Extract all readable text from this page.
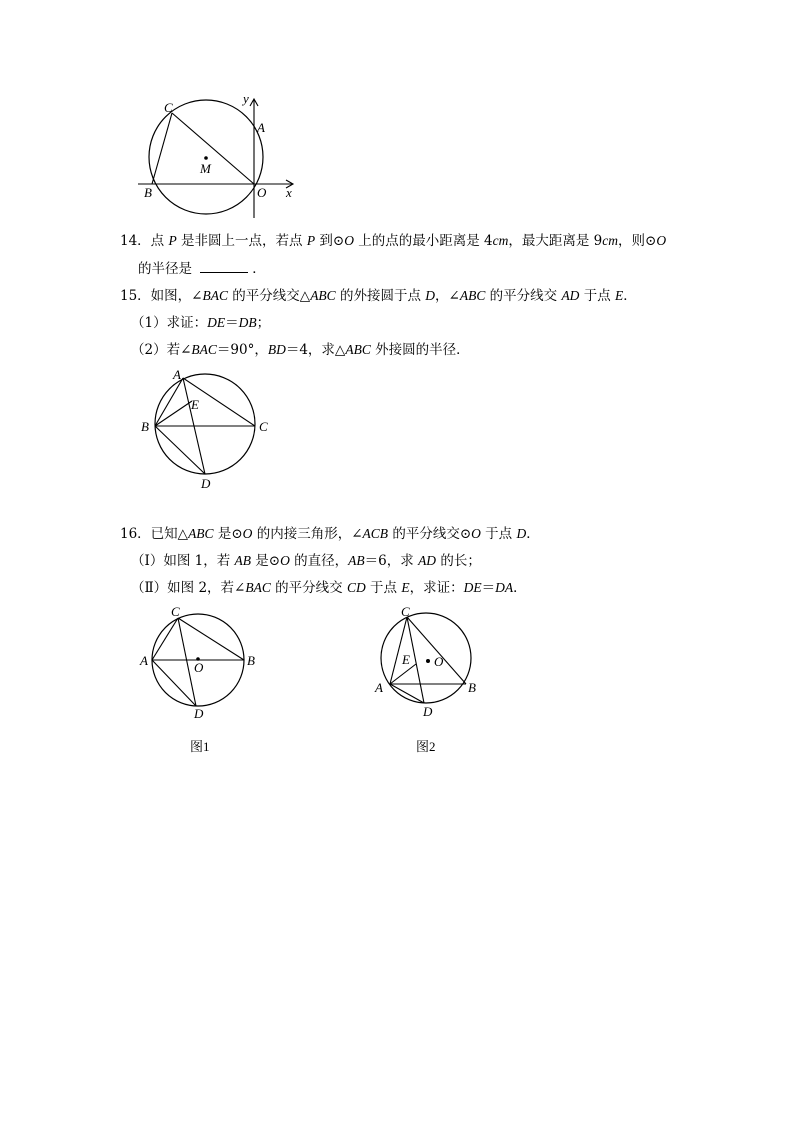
C
A
y
M
B	O x
14．点 P 是非圆上一点，若点 P 到⊙O 上的点的最小距离是 4cm，最大距离是 9cm，则⊙O
的半径是	．
15．如图，∠BAC 的平分线交△ABC 的外接圆于点 D，∠ABC 的平分线交 AD 于点 E．
（1）求证：DE＝DB；
（2）若∠BAC＝90°，BD＝4，求△ABC 外接圆的半径．
A
E
B	C
D
16．已知△ABC 是⊙O 的内接三角形，∠ACB 的平分线交⊙O 于点 D．
（Ⅰ）如图 1，若 AB 是⊙O 的直径，AB＝6，求 AD 的长；
（Ⅱ）如图 2，若∠BAC 的平分线交 CD 于点 E，求证：DE＝DA．
C
A	B
O
D
图1
C
E O
A	B
D
图2
